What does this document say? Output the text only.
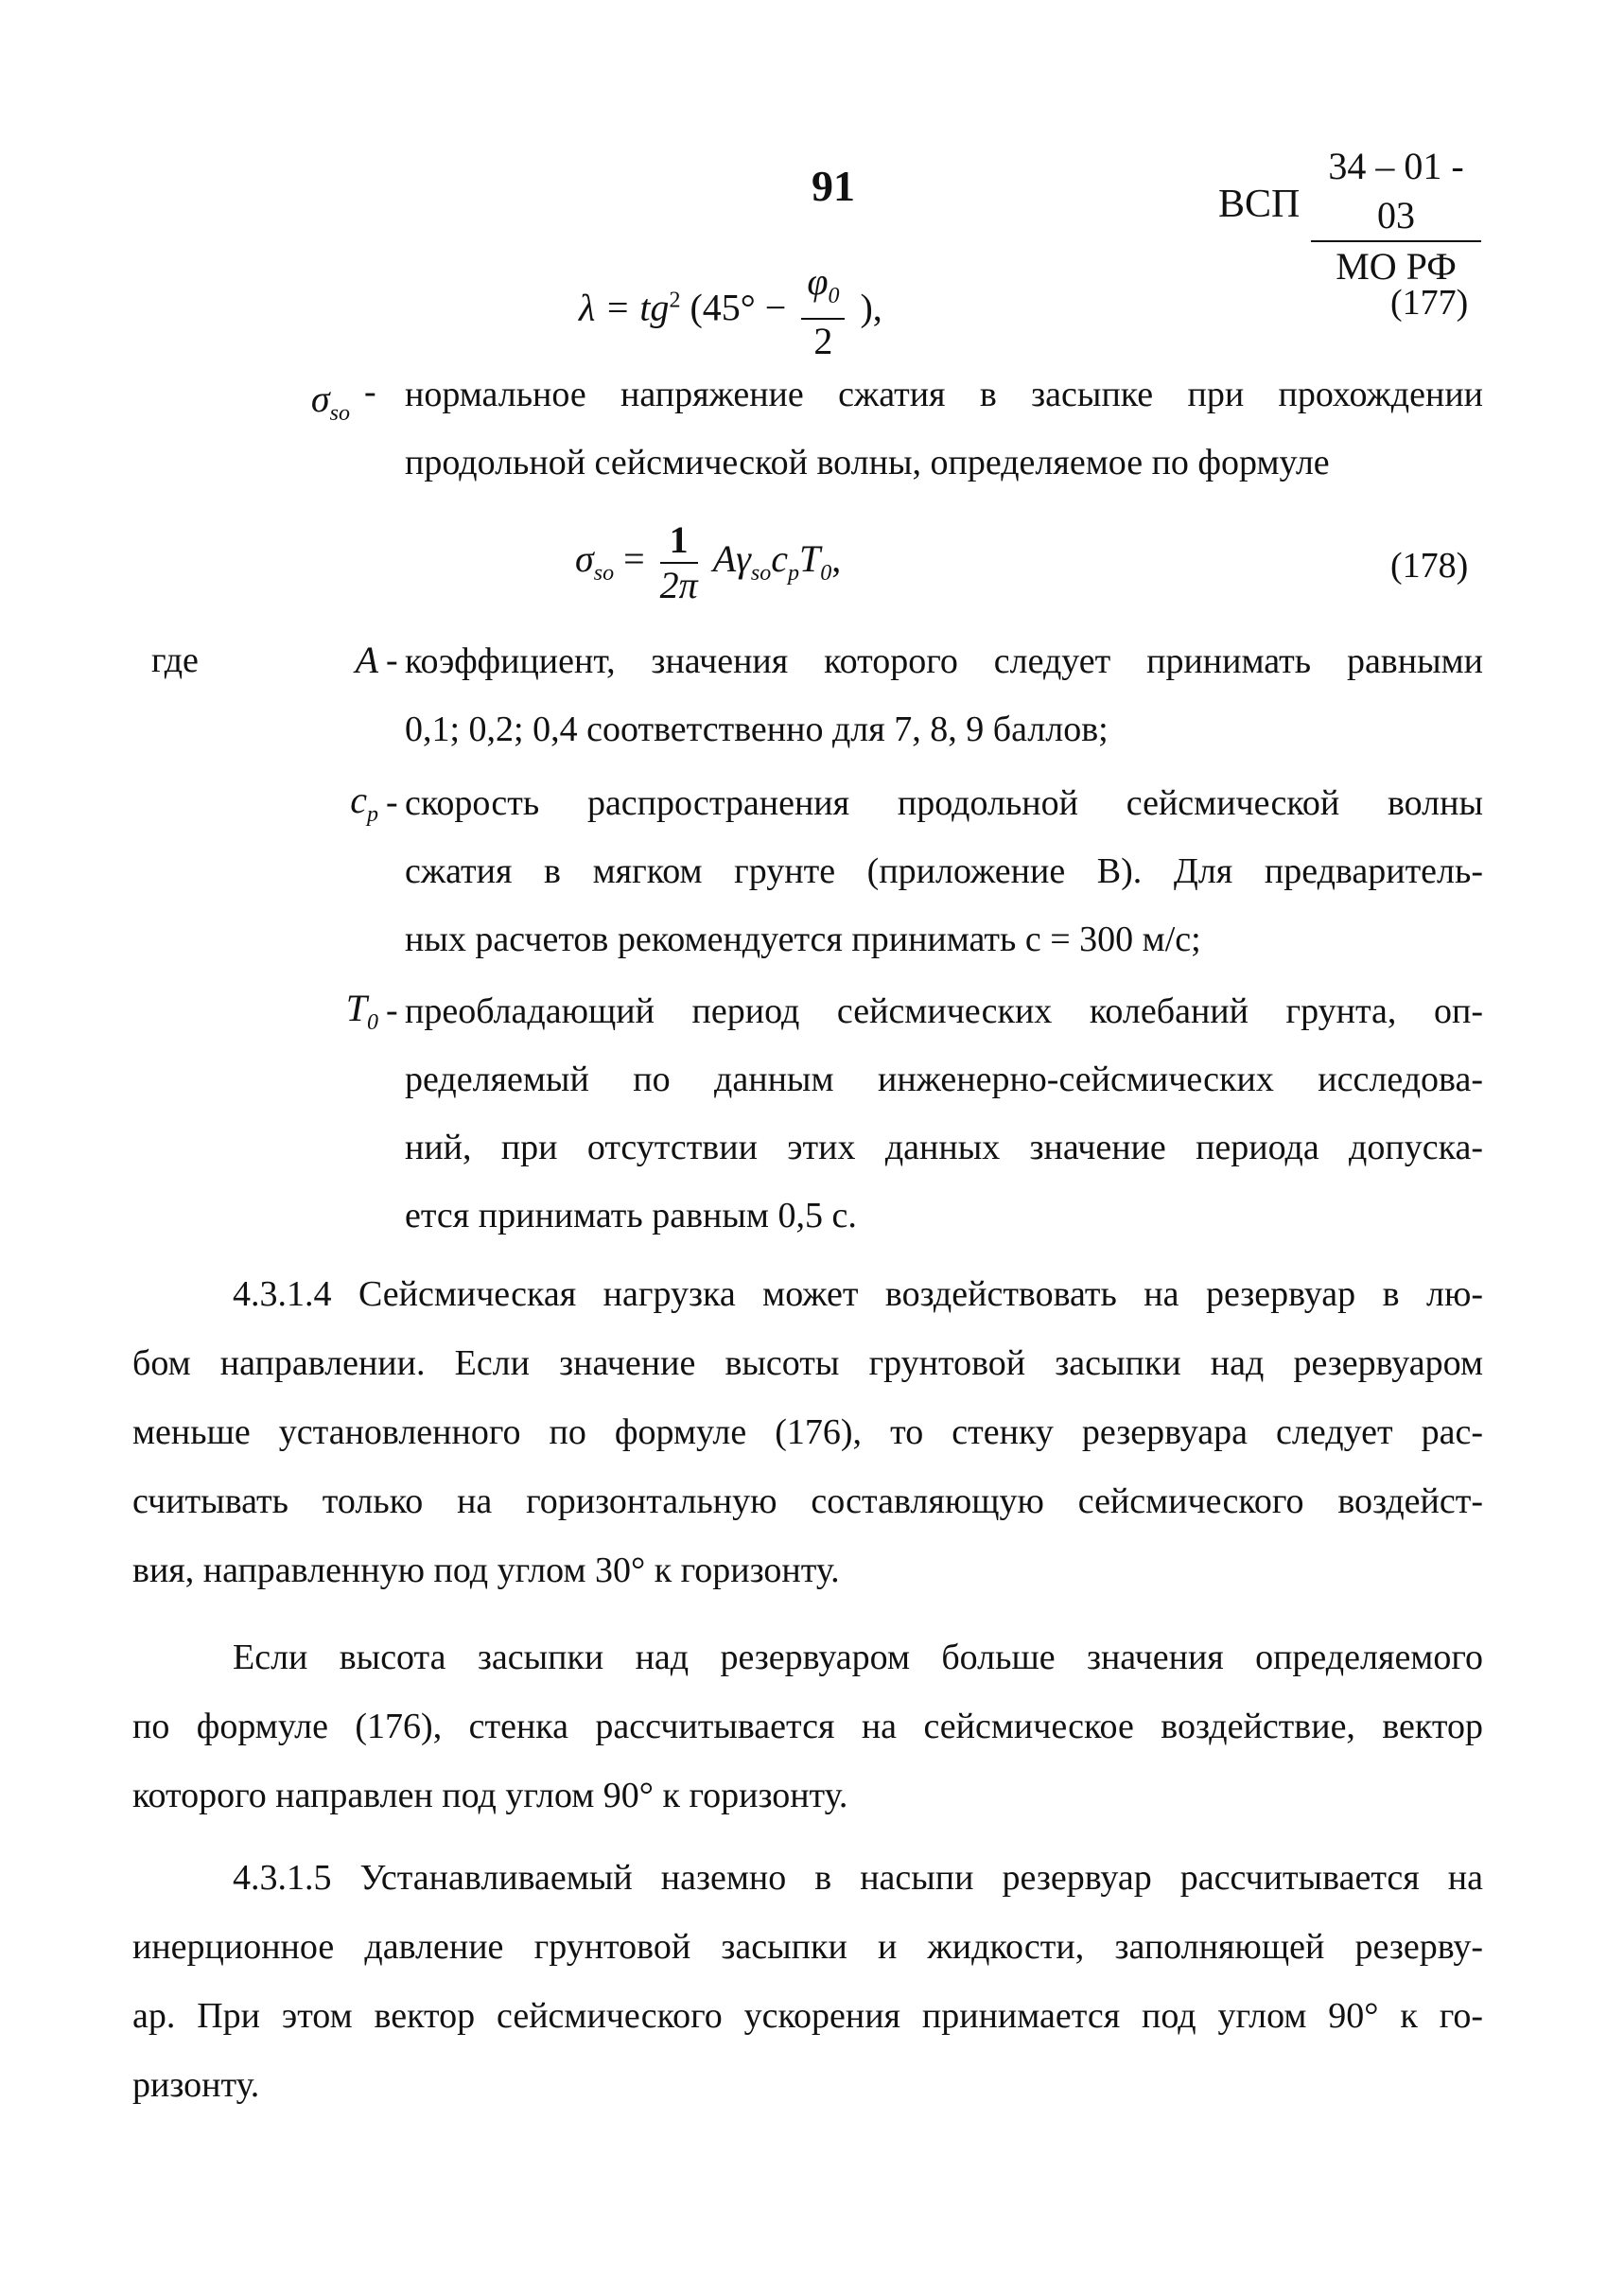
91	ВСП
34 – 01 - 03
МО РФ
$\lambda = tg^2$ ($45^\circ - \frac{\varphi_0}{2}$ ),	(177)
$\sigma_{so}$
- нормальное напряжение сжатия в засыпке при прохождении
продольной сейсмической волны, определяемое по формуле
$\sigma_{so} = \frac{1}{2\pi} A\gamma_{so}c_pT_0$,	(178)
где	A - коэффициент, значения которого следует принимать равными
0,1; 0,2; 0,4 соответственно для 7, 8, 9 баллов;
$c_p$ - скорость распространения продольной сейсмической волны
сжатия в мягком грунте (приложение В). Для предваритель-
ных расчетов рекомендуется принимать c = 300 м/с;
$T_0$ - преобладающий период сейсмических колебаний грунта, оп-
ределяемый по данным инженерно-сейсмических исследова-
ний, при отсутствии этих данных значение периода допуска-
ется принимать равным 0,5 с.
4.3.1.4 Сейсмическая нагрузка может воздействовать на резервуар в лю-
бом направлении. Если значение высоты грунтовой засыпки над резервуаром
меньше установленного по формуле (176), то стенку резервуара следует рас-
считывать только на горизонтальную составляющую сейсмического воздейст-
вия, направленную под углом 30° к горизонту.
Если высота засыпки над резервуаром больше значения определяемого
по формуле (176), стенка рассчитывается на сейсмическое воздействие, вектор
которого направлен под углом 90° к горизонту.
4.3.1.5 Устанавливаемый наземно в насыпи резервуар рассчитывается на
инерционное давление грунтовой засыпки и жидкости, заполняющей резерву-
ар. При этом вектор сейсмического ускорения принимается под углом 90° к го-
ризонту.
